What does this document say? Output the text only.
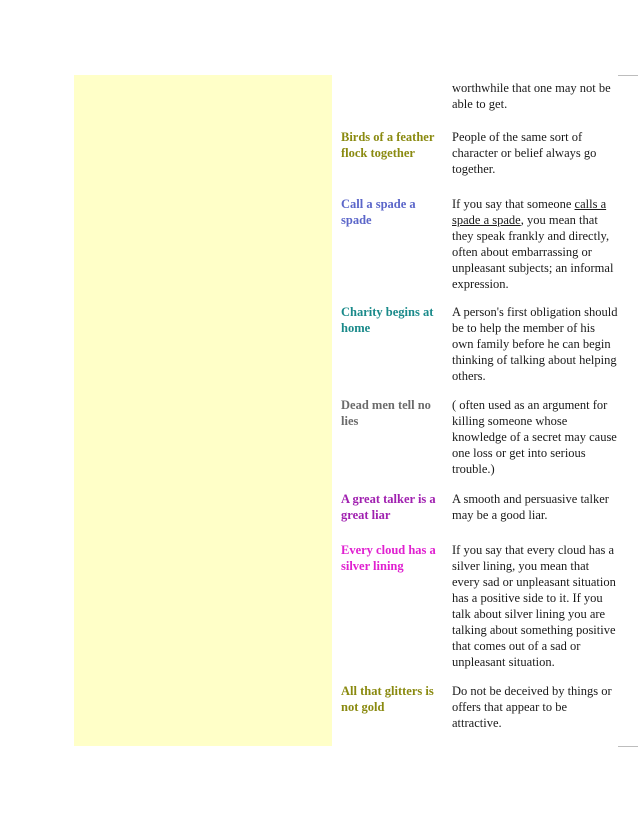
worthwhile that one may not be able to get.
Birds of a feather flock together
People of the same sort of character or belief always go together.
Call a spade a spade
If you say that someone calls a spade a spade, you mean that they speak frankly and directly, often about embarrassing or unpleasant subjects; an informal expression.
Charity begins at home
A person's first obligation should be to help the member of his own family before he can begin thinking of talking about helping others.
Dead men tell no lies
( often used as an argument for killing someone whose knowledge of a secret may cause one loss or get into serious trouble.)
A great talker is a great liar
A smooth and persuasive talker may be a good liar.
Every cloud has a silver lining
If you say that every cloud has a silver lining, you mean that every sad or unpleasant situation has a positive side to it. If you talk about silver lining you are talking about something positive that comes out of a sad or unpleasant situation.
All that glitters is not gold
Do not be deceived by things or offers that appear to be attractive.
